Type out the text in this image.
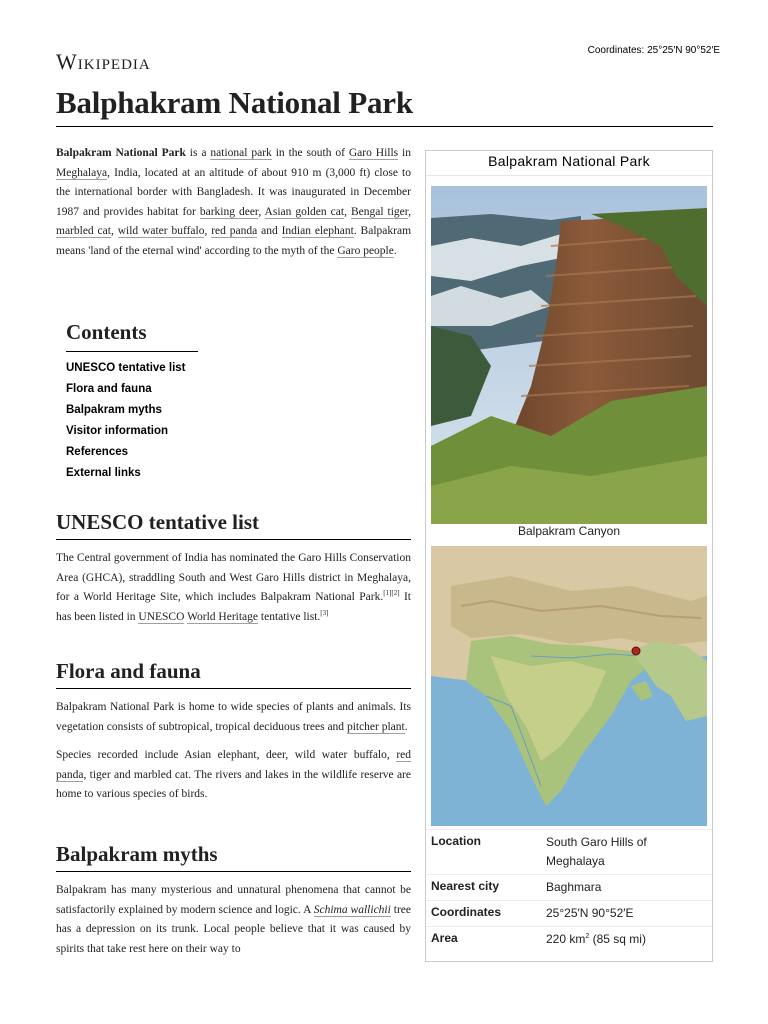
Wikipedia	Coordinates: 25°25′N 90°52′E
Balphakram National Park

Balpakram National Park is a national park in the south of Garo Hills in Meghalaya, India, located at an altitude of about 910 m (3,000 ft) close to the international border with Bangladesh. It was inaugurated in December 1987 and provides habitat for barking deer, Asian golden cat, Bengal tiger, marbled cat, wild water buffalo, red panda and Indian elephant. Balpakram means 'land of the eternal wind' according to the myth of the Garo people.

Contents
UNESCO tentative list
Flora and fauna
Balpakram myths
Visitor information
References
External links
UNESCO tentative list

The Central government of India has nominated the Garo Hills Conservation Area (GHCA), straddling South and West Garo Hills district in Meghalaya, for a World Heritage Site, which includes Balpakram National Park.[1][2] It has been listed in UNESCO World Heritage tentative list.[3]

Flora and fauna

Balpakram National Park is home to wide species of plants and animals. Its vegetation consists of subtropical, tropical deciduous trees and pitcher plant.

Species recorded include Asian elephant, deer, wild water buffalo, red panda, tiger and marbled cat. The rivers and lakes in the wildlife reserve are home to various species of birds.

Balpakram myths

Balpakram has many mysterious and unnatural phenomena that cannot be satisfactorily explained by modern science and logic. A Schima wallichii tree has a depression on its trunk. Local people believe that it was caused by spirits that take rest here on their way to

Balpakram National Park
Balpakram Canyon
Location	South Garo Hills of Meghalaya
Nearest city	Baghmara
Coordinates	25°25′N 90°52′E
Area	220 $km^2$ (85 sq mi)
